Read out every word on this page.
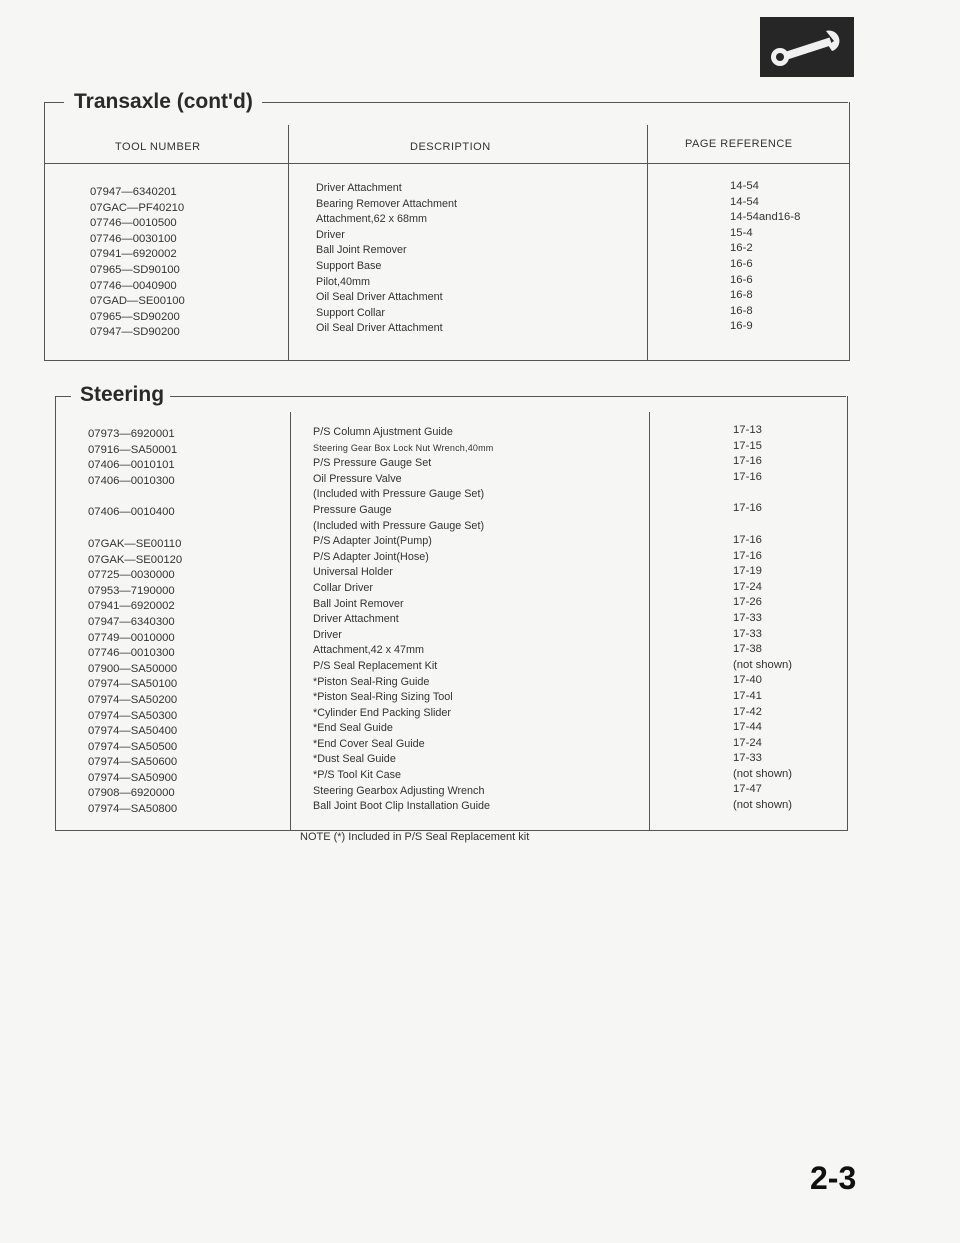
Transaxle (cont'd)
TOOL NUMBER	DESCRIPTION	PAGE REFERENCE
07947—6340201
07GAC—PF40210
07746—0010500
07746—0030100
07941—6920002
07965—SD90100
07746—0040900
07GAD—SE00100
07965—SD90200
07947—SD90200
Driver Attachment
Bearing Remover Attachment
Attachment,62 x 68mm
Driver
Ball Joint Remover
Support Base
Pilot,40mm
Oil Seal Driver Attachment
Support Collar
Oil Seal Driver Attachment
14-54
14-54
14-54and16-8
15-4
16-2
16-6
16-6
16-8
16-8
16-9
Steering
07973—6920001
07916—SA50001
07406—0010101
07406—0010300
07406—0010400
07GAK—SE00110
07GAK—SE00120
07725—0030000
07953—7190000
07941—6920002
07947—6340300
07749—0010000
07746—0010300
07900—SA50000
07974—SA50100
07974—SA50200
07974—SA50300
07974—SA50400
07974—SA50500
07974—SA50600
07974—SA50900
07908—6920000
07974—SA50800
P/S Column Ajustment Guide
Steering Gear Box Lock Nut Wrench,40mm
P/S Pressure Gauge Set
Oil Pressure Valve
(Included with Pressure Gauge Set)
Pressure Gauge
(Included with Pressure Gauge Set)
P/S Adapter Joint(Pump)
P/S Adapter Joint(Hose)
Universal Holder
Collar Driver
Ball Joint Remover
Driver Attachment
Driver
Attachment,42 x 47mm
P/S Seal Replacement Kit
*Piston Seal-Ring Guide
*Piston Seal-Ring Sizing Tool
*Cylinder End Packing Slider
*End Seal Guide
*End Cover Seal Guide
*Dust Seal Guide
*P/S Tool Kit Case
Steering Gearbox Adjusting Wrench
Ball Joint Boot Clip Installation Guide
17-13
17-15
17-16
17-16
17-16
17-16
17-16
17-19
17-24
17-26
17-33
17-33
17-38
(not shown)
17-40
17-41
17-42
17-44
17-24
17-33
(not shown)
17-47
(not shown)
NOTE (*) Included in P/S Seal Replacement kit
2-3
